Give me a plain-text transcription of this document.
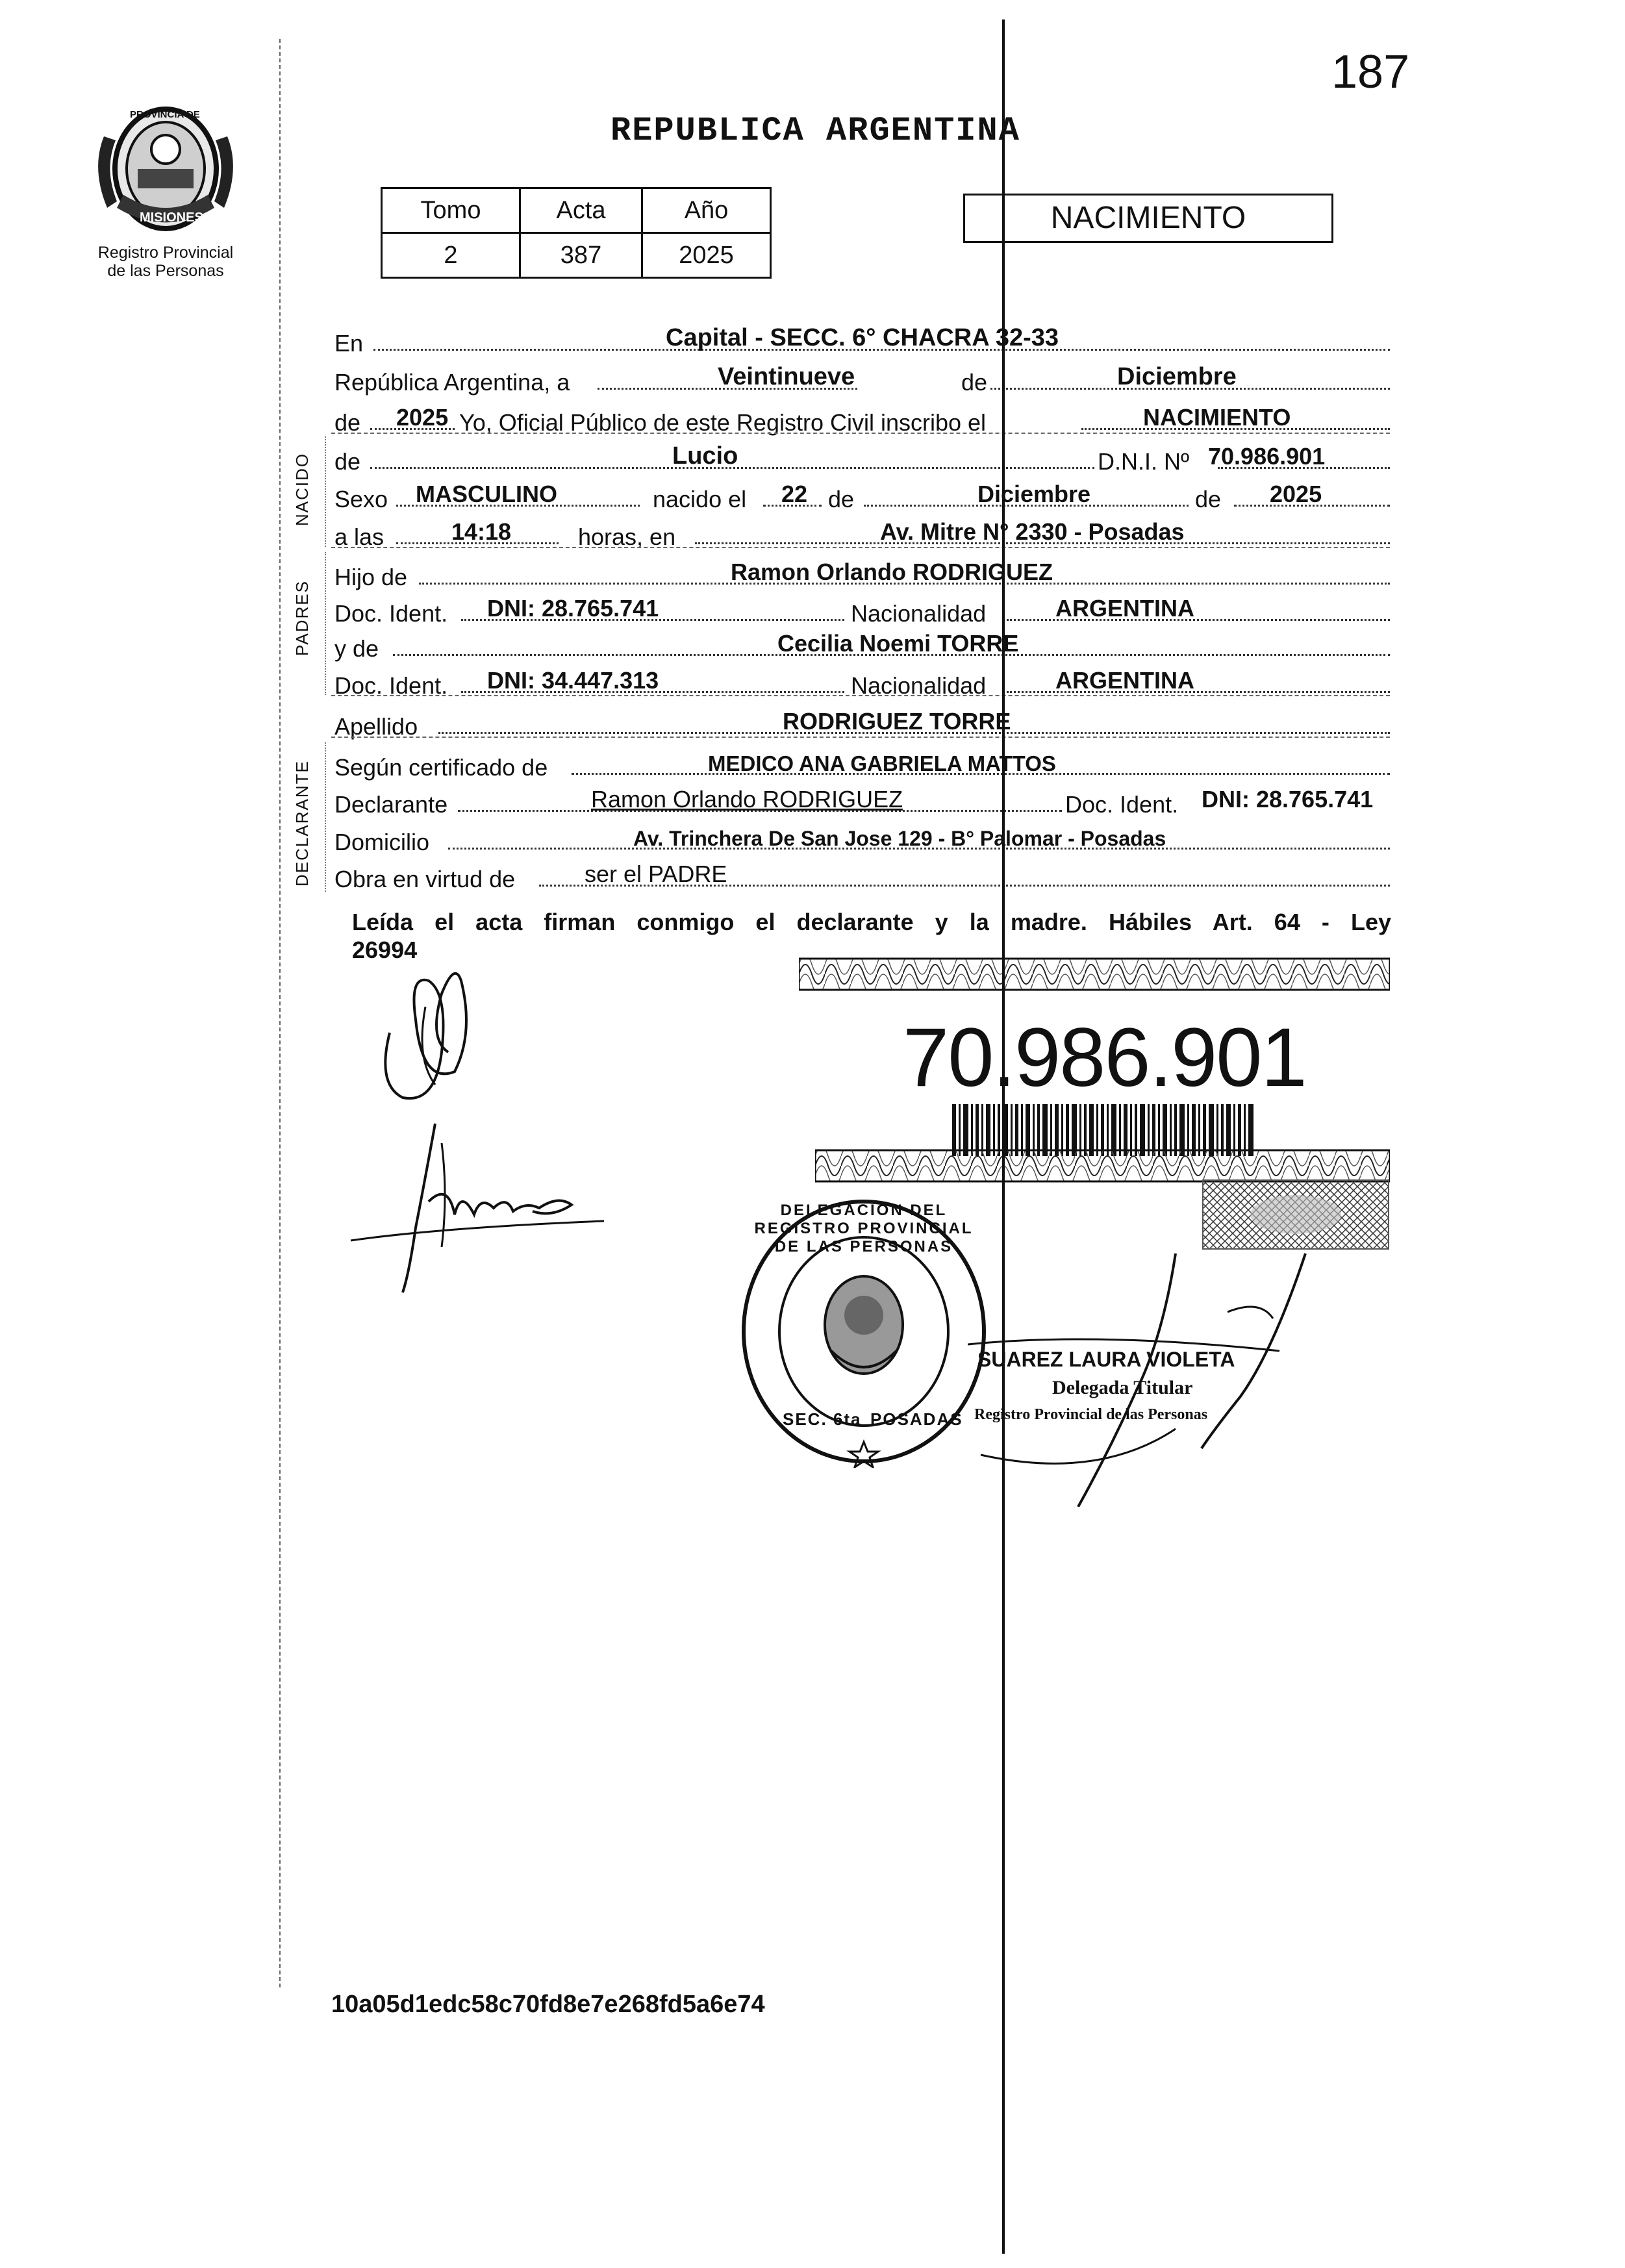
187
PROVINCIA DE
MISIONES
Registro Provincial
de las Personas
REPUBLICA ARGENTINA
Tomo	Acta	Año
2	387	2025
NACIMIENTO
En	Capital - SECC. 6° CHACRA 32-33
República Argentina, a	Veintinueve	de	Diciembre
de 2025 Yo, Oficial Público de este Registro Civil inscribo el	NACIMIENTO
de	Lucio	D.N.I. Nº 70.986.901
Sexo MASCULINO	nacido el 22 de	Diciembre	de 2025
a las	14:18	horas, en	Av. Mitre N° 2330 - Posadas
Hijo de	Ramon Orlando RODRIGUEZ
Doc. Ident. DNI: 28.765.741	Nacionalidad	ARGENTINA
y de	Cecilia Noemi TORRE
Doc. Ident. DNI: 34.447.313	Nacionalidad	ARGENTINA
Apellido	RODRIGUEZ TORRE
Según certificado de	MEDICO ANA GABRIELA MATTOS
Declarante	Ramon Orlando RODRIGUEZ	Doc. Ident. DNI: 28.765.741
Domicilio	Av. Trinchera De San Jose 129 - B° Palomar - Posadas
Obra en virtud de	ser el PADRE
NACIDO
PADRES
DECLARANTE
Leída el acta firman conmigo el declarante y la madre. Hábiles Art. 64 - Ley
26994
70.986.901
DELEGACION DEL REGISTRO PROVINCIAL DE LAS PERSONAS
SEC. 6ta POSADAS
SUAREZ LAURA VIOLETA
Delegada Titular
Registro Provincial de las Personas
10a05d1edc58c70fd8e7e268fd5a6e74
